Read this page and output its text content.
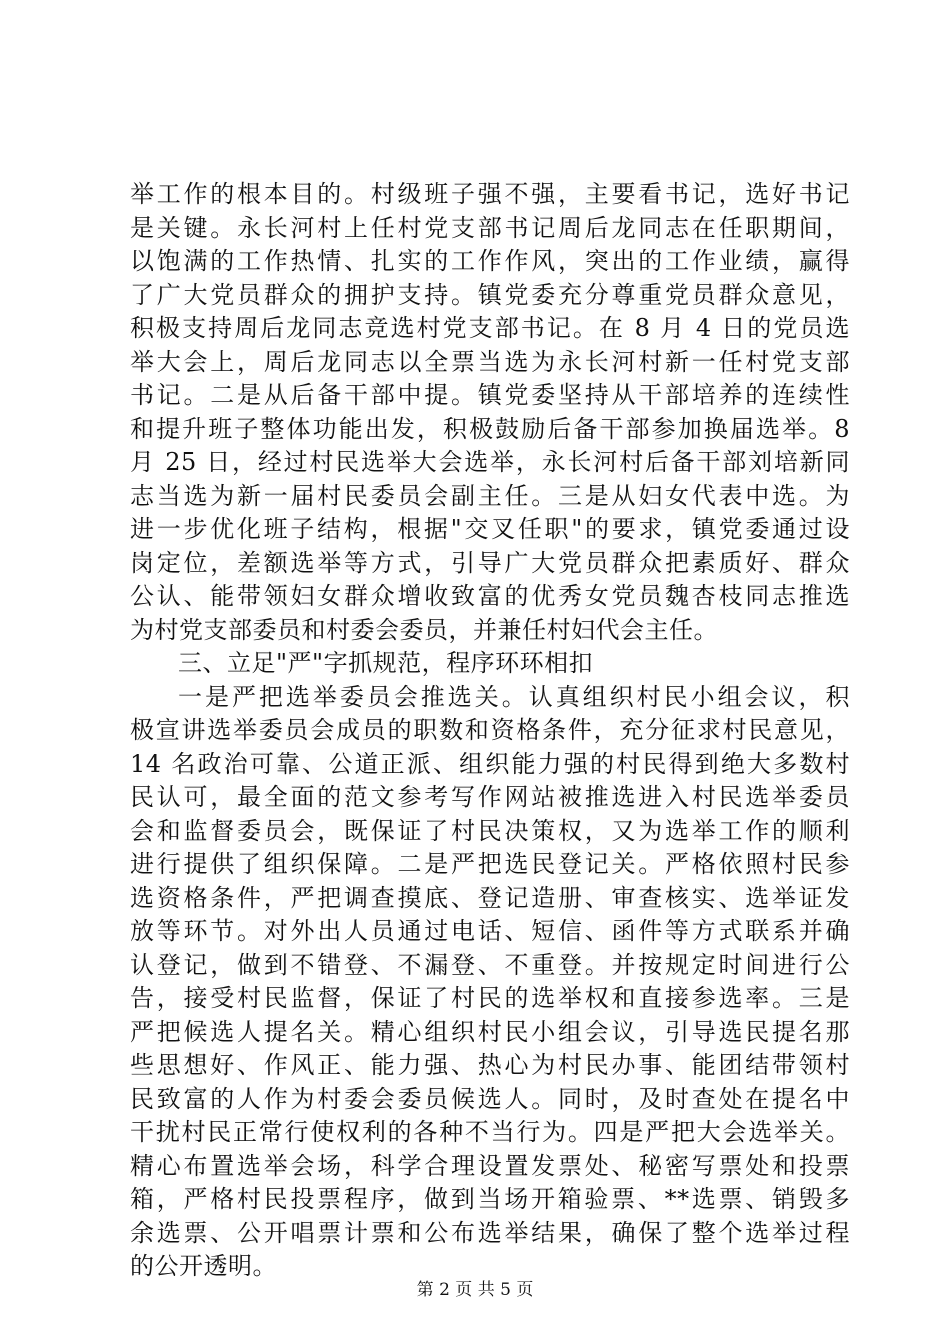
举工作的根本目的。村级班子强不强，主要看书记，选好书记
是关键。永长河村上任村党支部书记周后龙同志在任职期间，
以饱满的工作热情、扎实的工作作风，突出的工作业绩，赢得
了广大党员群众的拥护支持。镇党委充分尊重党员群众意见，
积极支持周后龙同志竞选村党支部书记。在 8 月 4 日的党员选
举大会上，周后龙同志以全票当选为永长河村新一任村党支部
书记。二是从后备干部中提。镇党委坚持从干部培养的连续性
和提升班子整体功能出发，积极鼓励后备干部参加换届选举。8
月 25 日，经过村民选举大会选举，永长河村后备干部刘培新同
志当选为新一届村民委员会副主任。三是从妇女代表中选。为
进一步优化班子结构，根据"交叉任职"的要求，镇党委通过设
岗定位，差额选举等方式，引导广大党员群众把素质好、群众
公认、能带领妇女群众增收致富的优秀女党员魏杏枝同志推选
为村党支部委员和村委会委员，并兼任村妇代会主任。
三、立足"严"字抓规范，程序环环相扣
一是严把选举委员会推选关。认真组织村民小组会议，积
极宣讲选举委员会成员的职数和资格条件，充分征求村民意见，
14 名政治可靠、公道正派、组织能力强的村民得到绝大多数村
民认可，最全面的范文参考写作网站被推选进入村民选举委员
会和监督委员会，既保证了村民决策权，又为选举工作的顺利
进行提供了组织保障。二是严把选民登记关。严格依照村民参
选资格条件，严把调查摸底、登记造册、审查核实、选举证发
放等环节。对外出人员通过电话、短信、函件等方式联系并确
认登记，做到不错登、不漏登、不重登。并按规定时间进行公
告，接受村民监督，保证了村民的选举权和直接参选率。三是
严把候选人提名关。精心组织村民小组会议，引导选民提名那
些思想好、作风正、能力强、热心为村民办事、能团结带领村
民致富的人作为村委会委员候选人。同时，及时查处在提名中
干扰村民正常行使权利的各种不当行为。四是严把大会选举关。
精心布置选举会场，科学合理设置发票处、秘密写票处和投票
箱，严格村民投票程序，做到当场开箱验票、**选票、销毁多
余选票、公开唱票计票和公布选举结果，确保了整个选举过程
的公开透明。
第 2 页 共 5 页
